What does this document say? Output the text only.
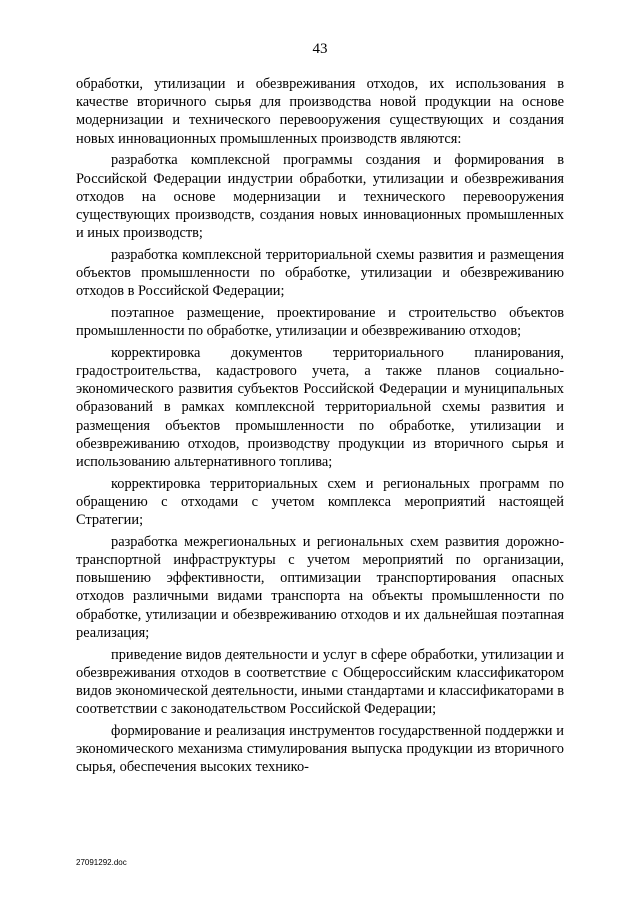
43

обработки, утилизации и обезвреживания отходов, их использования в качестве вторичного сырья для производства новой продукции на основе модернизации и технического перевооружения существующих и создания новых инновационных промышленных производств являются:

разработка комплексной программы создания и формирования в Российской Федерации индустрии обработки, утилизации и обезвреживания отходов на основе модернизации и технического перевооружения существующих производств, создания новых инновационных промышленных и иных производств;

разработка комплексной территориальной схемы развития и размещения объектов промышленности по обработке, утилизации и обезвреживанию отходов в Российской Федерации;

поэтапное размещение, проектирование и строительство объектов промышленности по обработке, утилизации и обезвреживанию отходов;

корректировка документов территориального планирования, градостроительства, кадастрового учета, а также планов социально-экономического развития субъектов Российской Федерации и муниципальных образований в рамках комплексной территориальной схемы развития и размещения объектов промышленности по обработке, утилизации и обезвреживанию отходов, производству продукции из вторичного сырья и использованию альтернативного топлива;

корректировка территориальных схем и региональных программ по обращению с отходами с учетом комплекса мероприятий настоящей Стратегии;

разработка межрегиональных и региональных схем развития дорожно-транспортной инфраструктуры с учетом мероприятий по организации, повышению эффективности, оптимизации транспортирования опасных отходов различными видами транспорта на объекты промышленности по обработке, утилизации и обезвреживанию отходов и их дальнейшая поэтапная реализация;

приведение видов деятельности и услуг в сфере обработки, утилизации и обезвреживания отходов в соответствие с Общероссийским классификатором видов экономической деятельности, иными стандартами и классификаторами в соответствии с законодательством Российской Федерации;

формирование и реализация инструментов государственной поддержки и экономического механизма стимулирования выпуска продукции из вторичного сырья, обеспечения высоких технико-

27091292.doc
